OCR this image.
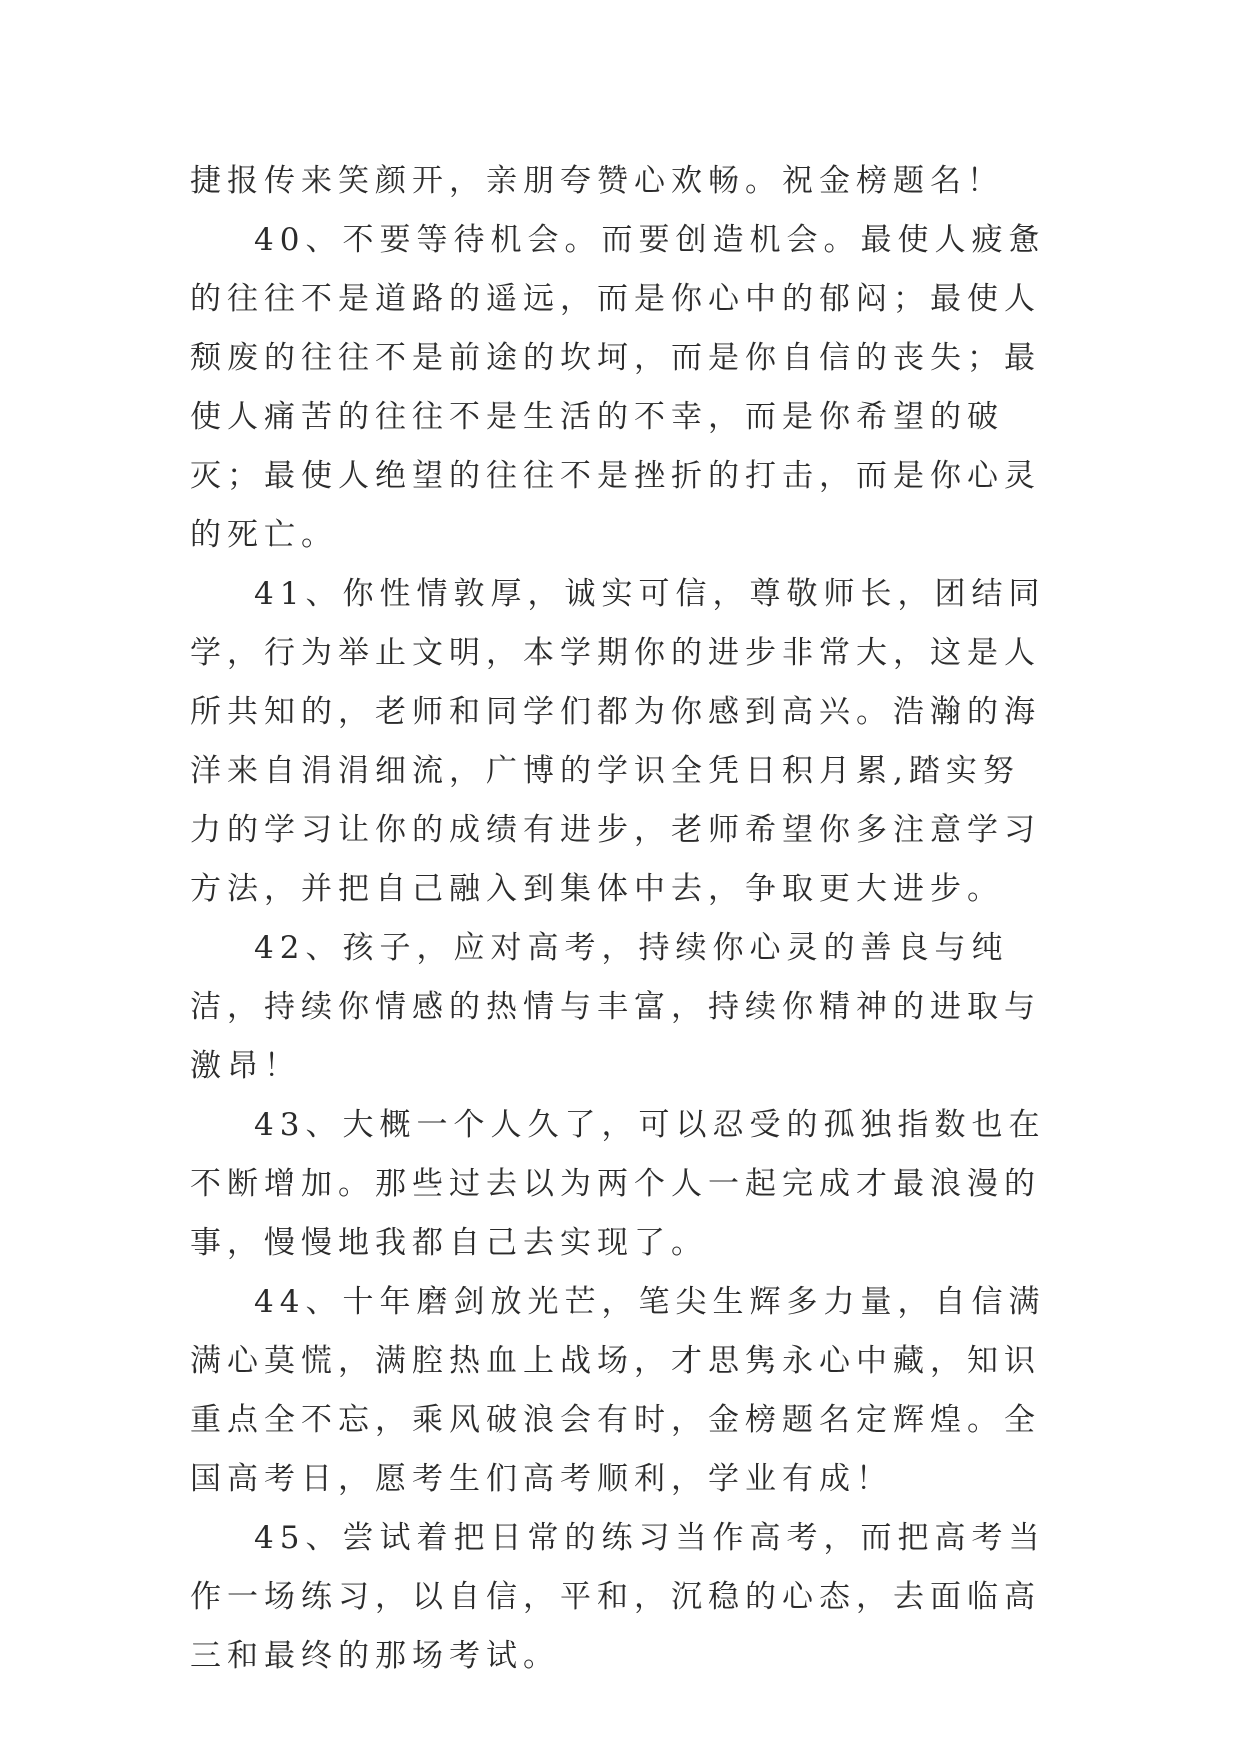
捷报传来笑颜开，亲朋夸赞心欢畅。祝金榜题名！

40、不要等待机会。而要创造机会。最使人疲惫的往往不是道路的遥远，而是你心中的郁闷；最使人颓废的往往不是前途的坎坷，而是你自信的丧失；最使人痛苦的往往不是生活的不幸，而是你希望的破灭；最使人绝望的往往不是挫折的打击，而是你心灵的死亡。

41、你性情敦厚，诚实可信，尊敬师长，团结同学，行为举止文明，本学期你的进步非常大，这是人所共知的，老师和同学们都为你感到高兴。浩瀚的海洋来自涓涓细流，广博的学识全凭日积月累,踏实努力的学习让你的成绩有进步，老师希望你多注意学习方法，并把自己融入到集体中去，争取更大进步。

42、孩子，应对高考，持续你心灵的善良与纯洁，持续你情感的热情与丰富，持续你精神的进取与激昂！

43、大概一个人久了，可以忍受的孤独指数也在不断增加。那些过去以为两个人一起完成才最浪漫的事，慢慢地我都自己去实现了。

44、十年磨剑放光芒，笔尖生辉多力量，自信满满心莫慌，满腔热血上战场，才思隽永心中藏，知识重点全不忘，乘风破浪会有时，金榜题名定辉煌。全国高考日，愿考生们高考顺利，学业有成！

45、尝试着把日常的练习当作高考，而把高考当作一场练习，以自信，平和，沉稳的心态，去面临高三和最终的那场考试。
